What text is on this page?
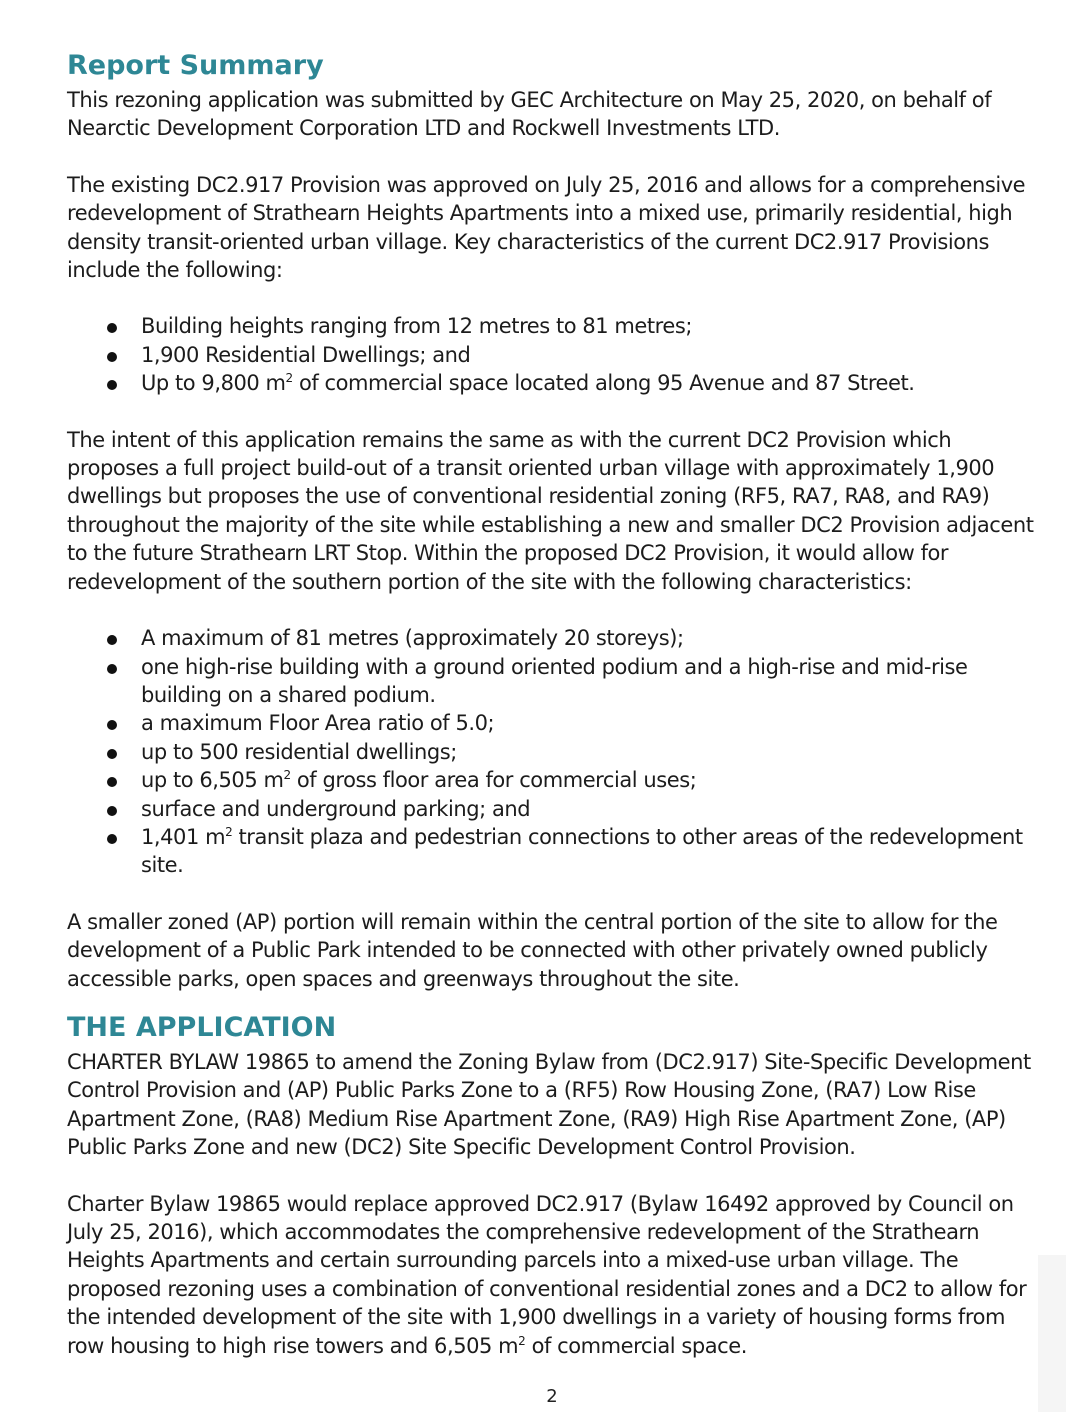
Report Summary

This rezoning application was submitted by GEC Architecture on May 25, 2020, on behalf of Nearctic Development Corporation LTD and Rockwell Investments LTD.

The existing DC2.917 Provision was approved on July 25, 2016 and allows for a comprehensive redevelopment of Strathearn Heights Apartments into a mixed use, primarily residential, high density transit-oriented urban village. Key characteristics of the current DC2.917 Provisions include the following:

Building heights ranging from 12 metres to 81 metres;
1,900 Residential Dwellings; and
Up to 9,800 $m^2$ of commercial space located along 95 Avenue and 87 Street.

The intent of this application remains the same as with the current DC2 Provision which proposes a full project build-out of a transit oriented urban village with approximately 1,900 dwellings but proposes the use of conventional residential zoning (RF5, RA7, RA8, and RA9) throughout the majority of the site while establishing a new and smaller DC2 Provision adjacent to the future Strathearn LRT Stop. Within the proposed DC2 Provision, it would allow for redevelopment of the southern portion of the site with the following characteristics:

A maximum of 81 metres (approximately 20 storeys);
one high-rise building with a ground oriented podium and a high-rise and mid-rise building on a shared podium.
a maximum Floor Area ratio of 5.0;
up to 500 residential dwellings;
up to 6,505 $m^2$ of gross floor area for commercial uses;
surface and underground parking; and
1,401 $m^2$ transit plaza and pedestrian connections to other areas of the redevelopment site.

A smaller zoned (AP) portion will remain within the central portion of the site to allow for the development of a Public Park intended to be connected with other privately owned publicly accessible parks, open spaces and greenways throughout the site.

THE APPLICATION

CHARTER BYLAW 19865 to amend the Zoning Bylaw from (DC2.917) Site-Specific Development Control Provision and (AP) Public Parks Zone to a (RF5) Row Housing Zone, (RA7) Low Rise Apartment Zone, (RA8) Medium Rise Apartment Zone, (RA9) High Rise Apartment Zone, (AP) Public Parks Zone and new (DC2) Site Specific Development Control Provision.

Charter Bylaw 19865 would replace approved DC2.917 (Bylaw 16492 approved by Council on July 25, 2016), which accommodates the comprehensive redevelopment of the Strathearn Heights Apartments and certain surrounding parcels into a mixed-use urban village. The proposed rezoning uses a combination of conventional residential zones and a DC2 to allow for the intended development of the site with 1,900 dwellings in a variety of housing forms from row housing to high rise towers and 6,505 $m^2$ of commercial space.

2
